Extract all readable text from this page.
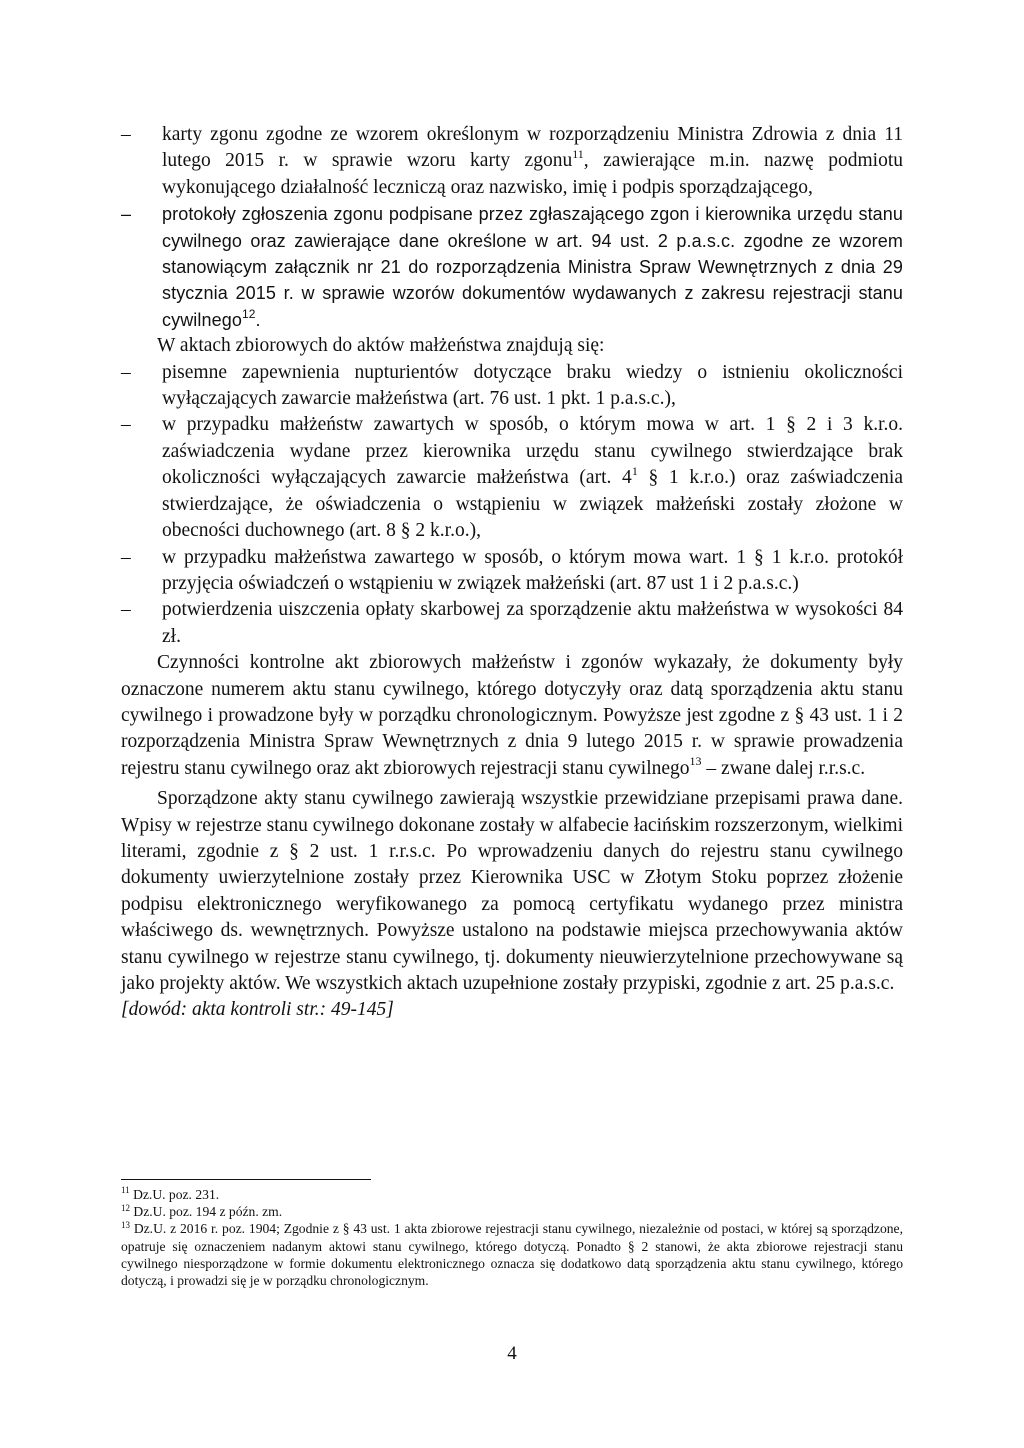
– karty zgonu zgodne ze wzorem określonym w rozporządzeniu Ministra Zdrowia z dnia 11 lutego 2015 r. w sprawie wzoru karty zgonu$^{11}$, zawierające m.in. nazwę podmiotu wykonującego działalność leczniczą oraz nazwisko, imię i podpis sporządzającego,

– protokoły zgłoszenia zgonu podpisane przez zgłaszającego zgon i kierownika urzędu stanu cywilnego oraz zawierające dane określone w art. 94 ust. 2 p.a.s.c. zgodne ze wzorem stanowiącym załącznik nr 21 do rozporządzenia Ministra Spraw Wewnętrznych z dnia 29 stycznia 2015 r. w sprawie wzorów dokumentów wydawanych z zakresu rejestracji stanu cywilnego$^{12}$.

W aktach zbiorowych do aktów małżeństwa znajdują się:

– pisemne zapewnienia nupturientów dotyczące braku wiedzy o istnieniu okoliczności wyłączających zawarcie małżeństwa (art. 76 ust. 1 pkt. 1 p.a.s.c.),

– w przypadku małżeństw zawartych w sposób, o którym mowa w art. 1 § 2 i 3 k.r.o. zaświadczenia wydane przez kierownika urzędu stanu cywilnego stwierdzające brak okoliczności wyłączających zawarcie małżeństwa (art. $4^1$ § 1 k.r.o.) oraz zaświadczenia stwierdzające, że oświadczenia o wstąpieniu w związek małżeński zostały złożone w obecności duchownego (art. 8 § 2 k.r.o.),

– w przypadku małżeństwa zawartego w sposób, o którym mowa wart. 1 § 1 k.r.o. protokół przyjęcia oświadczeń o wstąpieniu w związek małżeński (art. 87 ust 1 i 2 p.a.s.c.)

– potwierdzenia uiszczenia opłaty skarbowej za sporządzenie aktu małżeństwa w wysokości 84 zł.

Czynności kontrolne akt zbiorowych małżeństw i zgonów wykazały, że dokumenty były oznaczone numerem aktu stanu cywilnego, którego dotyczyły oraz datą sporządzenia aktu stanu cywilnego i prowadzone były w porządku chronologicznym. Powyższe jest zgodne z § 43 ust. 1 i 2 rozporządzenia Ministra Spraw Wewnętrznych z dnia 9 lutego 2015 r. w sprawie prowadzenia rejestru stanu cywilnego oraz akt zbiorowych rejestracji stanu cywilnego$^{13}$ – zwane dalej r.r.s.c.

Sporządzone akty stanu cywilnego zawierają wszystkie przewidziane przepisami prawa dane. Wpisy w rejestrze stanu cywilnego dokonane zostały w alfabecie łacińskim rozszerzonym, wielkimi literami, zgodnie z § 2 ust. 1 r.r.s.c. Po wprowadzeniu danych do rejestru stanu cywilnego dokumenty uwierzytelnione zostały przez Kierownika USC w Złotym Stoku poprzez złożenie podpisu elektronicznego weryfikowanego za pomocą certyfikatu wydanego przez ministra właściwego ds. wewnętrznych. Powyższe ustalono na podstawie miejsca przechowywania aktów stanu cywilnego w rejestrze stanu cywilnego, tj. dokumenty nieuwierzytelnione przechowywane są jako projekty aktów. We wszystkich aktach uzupełnione zostały przypiski, zgodnie z art. 25 p.a.s.c.

[dowód: akta kontroli str.: 49-145]

$^{11}$ Dz.U. poz. 231.

$^{12}$ Dz.U. poz. 194 z późn. zm.

$^{13}$ Dz.U. z 2016 r. poz. 1904; Zgodnie z § 43 ust. 1 akta zbiorowe rejestracji stanu cywilnego, niezależnie od postaci, w której są sporządzone, opatruje się oznaczeniem nadanym aktowi stanu cywilnego, którego dotyczą. Ponadto § 2 stanowi, że akta zbiorowe rejestracji stanu cywilnego niesporządzone w formie dokumentu elektronicznego oznacza się dodatkowo datą sporządzenia aktu stanu cywilnego, którego dotyczą, i prowadzi się je w porządku chronologicznym.

4
